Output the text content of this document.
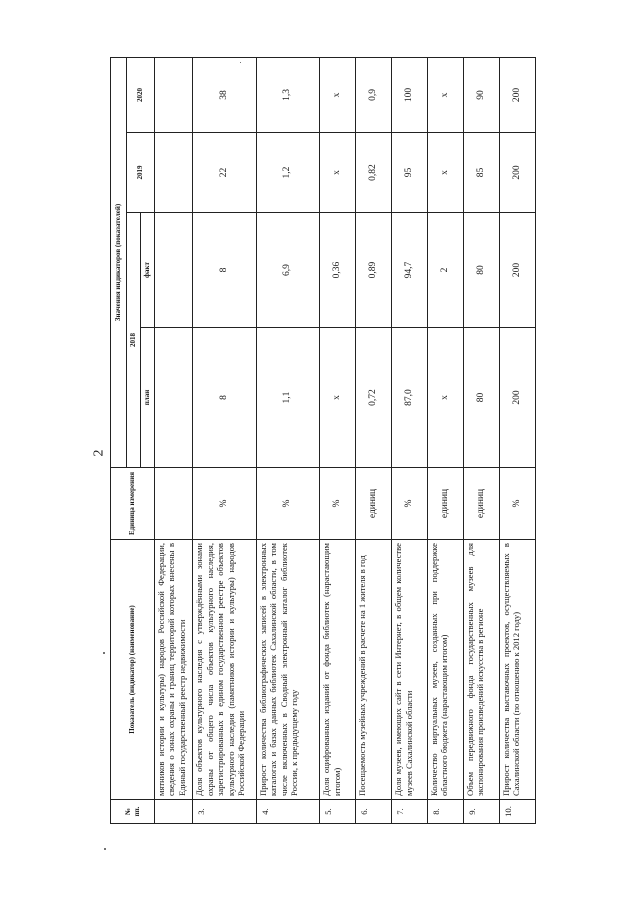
2
№ пп.	Показатель (индикатор) (наименование)	Единица измерения	Значения индикаторов (показателей)			
			2018		2019	2020
			план	факт		
	мятников истории и культуры) народов Российской Федерации, сведения о зонах охраны и границ территорий которых внесены в Единый государственный реестр недвижимости					
3.	Доля объектов культурного наследия с утверждёнными зонами охраны от общего числа объектов культурного наследия, зарегистрированных в едином государственном реестре объектов культурного наследия (памятников истории и культуры) народов Российской Федерации	%	8	8	22	38
4.	Прирост количества библиографических записей в электронных каталогах и базах данных библиотек Сахалинской области, в том числе включенных в Сводный электронный каталог библиотек России, к предыдущему году	%	1,1	6,9	1,2	1,3
5.	Доля оцифрованных изданий от фонда библиотек (нарастающим итогом)	%	х	0,36	х	х
6.	Посещаемость музейных учреждений в расчете на 1 жителя в год	единиц	0,72	0,89	0,82	0,9
7.	Доля музеев, имеющих сайт в сети Интернет, в общем количестве музеев Сахалинской области	%	87,0	94,7	95	100
8.	Количество виртуальных музеев, созданных при поддержке областного бюджета (нарастающим итогом)	единиц	х	2	х	х
9.	Объем передвижного фонда государственных музеев для экспонирования произведений искусства в регионе	единиц	80	80	85	90
10.	Прирост количества выставочных проектов, осуществляемых в Сахалинской области (по отношению к 2012 году)	%	200	200	200	200
